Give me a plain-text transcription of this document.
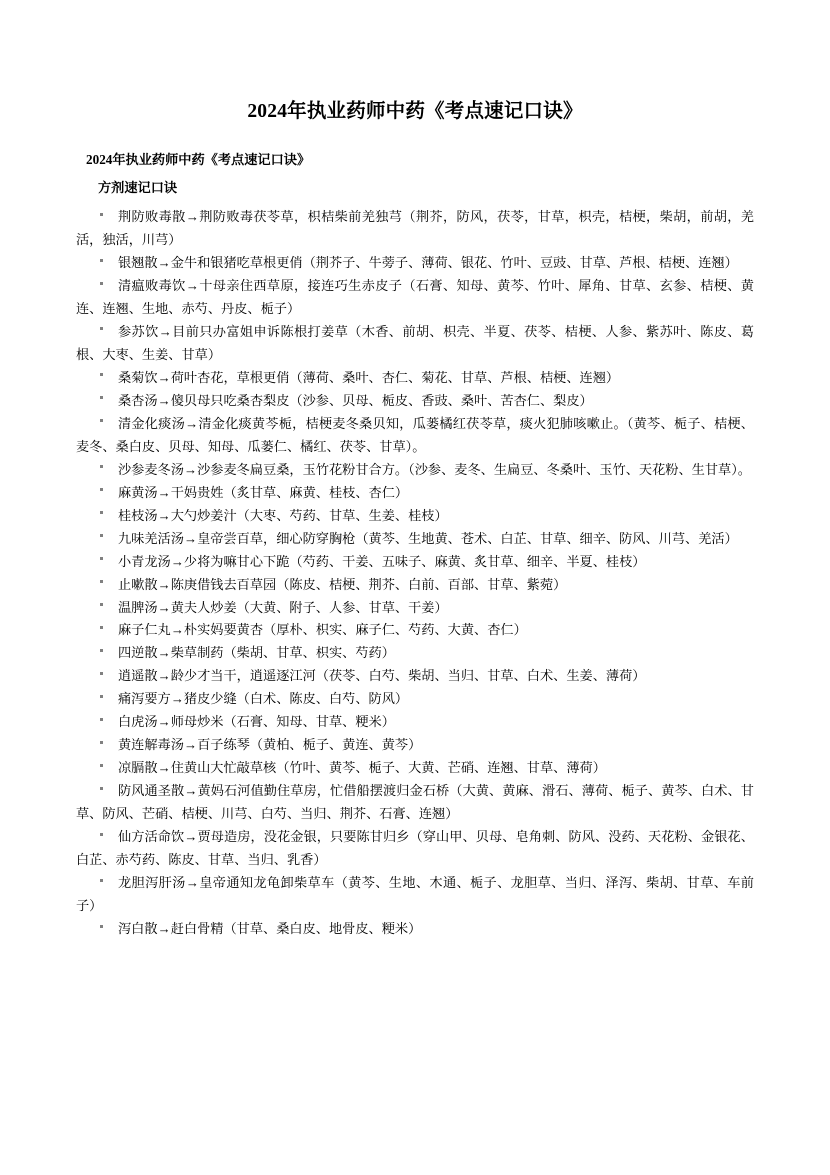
2024年执业药师中药《考点速记口诀》
2024年执业药师中药《考点速记口诀》
方剂速记口诀
荆防败毒散→荆防败毒茯苓草，枳桔柴前羌独芎（荆芥，防风，茯苓，甘草，枳壳，桔梗，柴胡，前胡，羌活，独活，川芎）
银翘散→金牛和银猪吃草根更俏（荆芥子、牛蒡子、薄荷、银花、竹叶、豆豉、甘草、芦根、桔梗、连翘）
清瘟败毒饮→十母亲住西草原，接连巧生赤皮子（石膏、知母、黄芩、竹叶、犀角、甘草、玄参、桔梗、黄连、连翘、生地、赤芍、丹皮、栀子）
参苏饮→目前只办富姐申诉陈根打姜草（木香、前胡、枳壳、半夏、茯苓、桔梗、人参、紫苏叶、陈皮、葛根、大枣、生姜、甘草）
桑菊饮→荷叶杏花，草根更俏（薄荷、桑叶、杏仁、菊花、甘草、芦根、桔梗、连翘）
桑杏汤→傻贝母只吃桑杏梨皮（沙参、贝母、栀皮、香豉、桑叶、苦杏仁、梨皮）
清金化痰汤→清金化痰黄芩栀，桔梗麦冬桑贝知，瓜蒌橘红茯苓草，痰火犯肺咳嗽止。（黄芩、栀子、桔梗、麦冬、桑白皮、贝母、知母、瓜蒌仁、橘红、茯苓、甘草）。
沙参麦冬汤→沙参麦冬扁豆桑，玉竹花粉甘合方。（沙参、麦冬、生扁豆、冬桑叶、玉竹、天花粉、生甘草）。
麻黄汤→干妈贵姓（炙甘草、麻黄、桂枝、杏仁）
桂枝汤→大勺炒姜汁（大枣、芍药、甘草、生姜、桂枝）
九味羌活汤→皇帝尝百草，细心防穿胸枪（黄芩、生地黄、苍术、白芷、甘草、细辛、防风、川芎、羌活）
小青龙汤→少将为嘛甘心下跪（芍药、干姜、五味子、麻黄、炙甘草、细辛、半夏、桂枝）
止嗽散→陈庚借钱去百草园（陈皮、桔梗、荆芥、白前、百部、甘草、紫菀）
温脾汤→黄夫人炒姜（大黄、附子、人参、甘草、干姜）
麻子仁丸→朴实妈要黄杏（厚朴、枳实、麻子仁、芍药、大黄、杏仁）
四逆散→柴草制药（柴胡、甘草、枳实、芍药）
逍遥散→龄少才当干，逍遥逐江河（茯苓、白芍、柴胡、当归、甘草、白术、生姜、薄荷）
痛泻要方→猪皮少缝（白术、陈皮、白芍、防风）
白虎汤→师母炒米（石膏、知母、甘草、粳米）
黄连解毒汤→百子练琴（黄柏、栀子、黄连、黄芩）
凉膈散→住黄山大忙敲草核（竹叶、黄芩、栀子、大黄、芒硝、连翘、甘草、薄荷）
防风通圣散→黄妈石河值勤住草房，忙借船摆渡归金石桥（大黄、黄麻、滑石、薄荷、栀子、黄芩、白术、甘草、防风、芒硝、桔梗、川芎、白芍、当归、荆芥、石膏、连翘）
仙方活命饮→贾母造房，没花金银，只要陈甘归乡（穿山甲、贝母、皂角刺、防风、没药、天花粉、金银花、白芷、赤芍药、陈皮、甘草、当归、乳香）
龙胆泻肝汤→皇帝通知龙龟卸柴草车（黄芩、生地、木通、栀子、龙胆草、当归、泽泻、柴胡、甘草、车前子）
泻白散→赶白骨精（甘草、桑白皮、地骨皮、粳米）
